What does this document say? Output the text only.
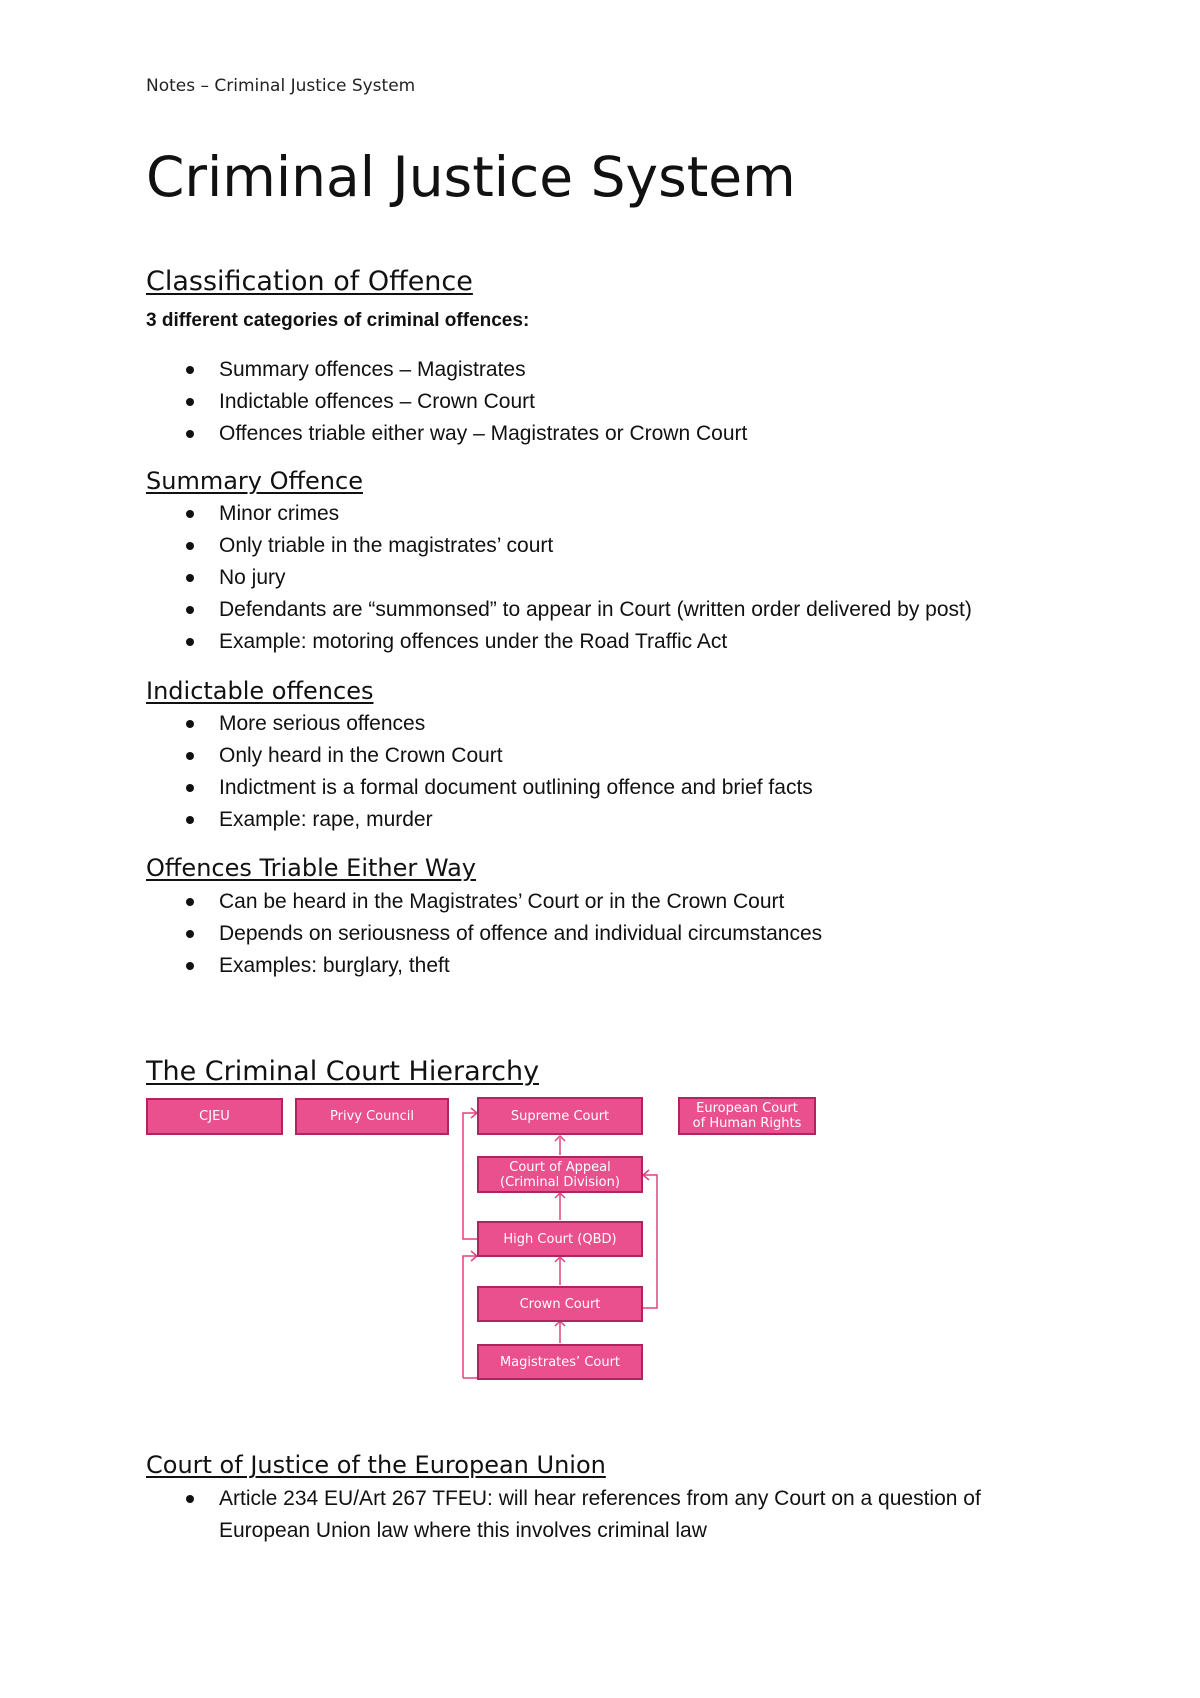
Notes – Criminal Justice System
Criminal Justice System
Classification of Offence
3 different categories of criminal offences:
Summary offences – Magistrates
Indictable offences – Crown Court
Offences triable either way – Magistrates or Crown Court
Summary Offence
Minor crimes
Only triable in the magistrates’ court
No jury
Defendants are “summonsed” to appear in Court (written order delivered by post)
Example: motoring offences under the Road Traffic Act
Indictable offences
More serious offences
Only heard in the Crown Court
Indictment is a formal document outlining offence and brief facts
Example: rape, murder
Offences Triable Either Way
Can be heard in the Magistrates’ Court or in the Crown Court
Depends on seriousness of offence and individual circumstances
Examples: burglary, theft
The Criminal Court Hierarchy
CJEU	Privy Council	Supreme Court	European Court
of Human Rights
Court of Appeal
(Criminal Division)
High Court (QBD)
Crown Court
Magistrates’ Court
Court of Justice of the European Union
Article 234 EU/Art 267 TFEU: will hear references from any Court on a question of European Union law where this involves criminal law
